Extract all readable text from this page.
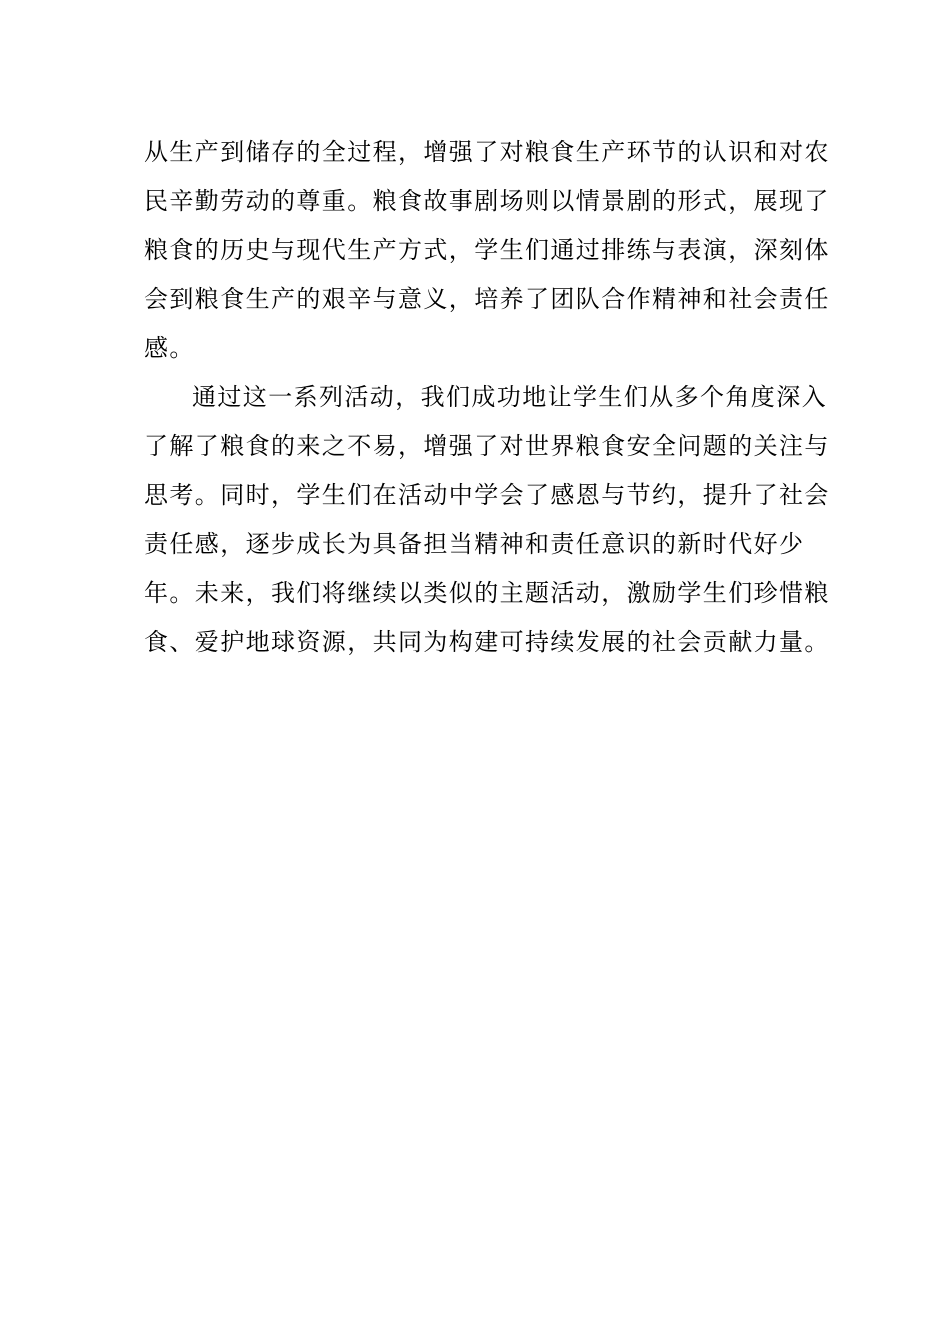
从生产到储存的全过程，增强了对粮食生产环节的认识和对农
民辛勤劳动的尊重。粮食故事剧场则以情景剧的形式，展现了
粮食的历史与现代生产方式，学生们通过排练与表演，深刻体
会到粮食生产的艰辛与意义，培养了团队合作精神和社会责任
感。

通过这一系列活动，我们成功地让学生们从多个角度深入
了解了粮食的来之不易，增强了对世界粮食安全问题的关注与
思考。同时，学生们在活动中学会了感恩与节约，提升了社会
责任感，逐步成长为具备担当精神和责任意识的新时代好少
年。未来，我们将继续以类似的主题活动，激励学生们珍惜粮
食、爱护地球资源，共同为构建可持续发展的社会贡献力量。
